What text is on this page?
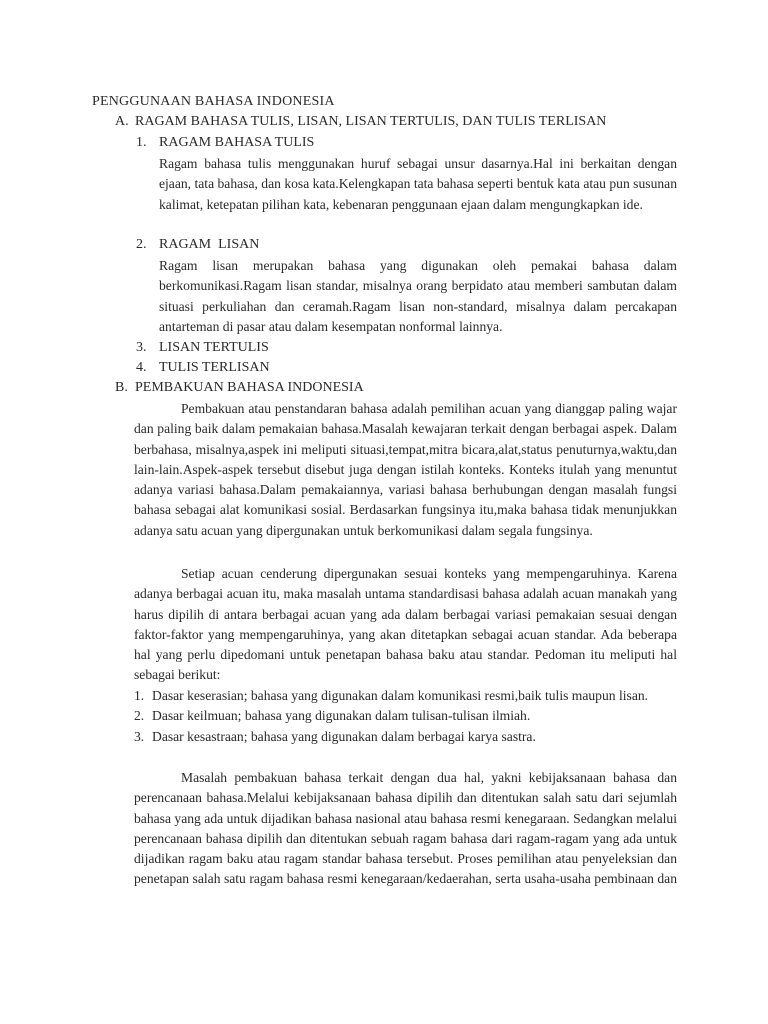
PENGGUNAAN BAHASA INDONESIA
A. RAGAM BAHASA TULIS, LISAN, LISAN TERTULIS, DAN TULIS TERLISAN
1. RAGAM BAHASA TULIS
Ragam bahasa tulis menggunakan huruf sebagai unsur dasarnya.Hal ini berkaitan dengan ejaan, tata bahasa, dan kosa kata.Kelengkapan tata bahasa seperti bentuk kata atau pun susunan kalimat, ketepatan pilihan kata, kebenaran penggunaan ejaan dalam mengungkapkan ide.
2. RAGAM  LISAN
Ragam lisan merupakan bahasa yang digunakan oleh pemakai bahasa dalam berkomunikasi.Ragam lisan standar, misalnya orang berpidato atau memberi sambutan dalam situasi perkuliahan dan ceramah.Ragam lisan non-standard, misalnya dalam percakapan antarteman di pasar atau dalam kesempatan nonformal lainnya.
3. LISAN TERTULIS
4. TULIS TERLISAN
B. PEMBAKUAN BAHASA INDONESIA
Pembakuan atau penstandaran bahasa adalah pemilihan acuan yang dianggap paling wajar dan paling baik dalam pemakaian bahasa.Masalah kewajaran terkait dengan berbagai aspek. Dalam berbahasa, misalnya,aspek ini meliputi situasi,tempat,mitra bicara,alat,status penuturnya,waktu,dan lain-lain.Aspek-aspek tersebut disebut juga dengan istilah konteks. Konteks itulah yang menuntut adanya variasi bahasa.Dalam pemakaiannya, variasi bahasa berhubungan dengan masalah fungsi bahasa sebagai alat komunikasi sosial. Berdasarkan fungsinya itu,maka bahasa tidak menunjukkan adanya satu acuan yang dipergunakan untuk berkomunikasi dalam segala fungsinya.
Setiap acuan cenderung dipergunakan sesuai konteks yang mempengaruhinya. Karena adanya berbagai acuan itu, maka masalah untama standardisasi bahasa adalah acuan manakah yang harus dipilih di antara berbagai acuan yang ada dalam berbagai variasi pemakaian sesuai dengan faktor-faktor yang mempengaruhinya, yang akan ditetapkan sebagai acuan standar. Ada beberapa hal yang perlu dipedomani untuk penetapan bahasa baku atau standar. Pedoman itu meliputi hal sebagai berikut:
1. Dasar keserasian; bahasa yang digunakan dalam komunikasi resmi,baik tulis maupun lisan.
2. Dasar keilmuan; bahasa yang digunakan dalam tulisan-tulisan ilmiah.
3. Dasar kesastraan; bahasa yang digunakan dalam berbagai karya sastra.
Masalah pembakuan bahasa terkait dengan dua hal, yakni kebijaksanaan bahasa dan perencanaan bahasa.Melalui kebijaksanaan bahasa dipilih dan ditentukan salah satu dari sejumlah bahasa yang ada untuk dijadikan bahasa nasional atau bahasa resmi kenegaraan. Sedangkan melalui perencanaan bahasa dipilih dan ditentukan sebuah ragam bahasa dari ragam-ragam yang ada untuk dijadikan ragam baku atau ragam standar bahasa tersebut. Proses pemilihan atau penyeleksian dan penetapan salah satu ragam bahasa resmi kenegaraan/kedaerahan, serta usaha-usaha pembinaan dan
